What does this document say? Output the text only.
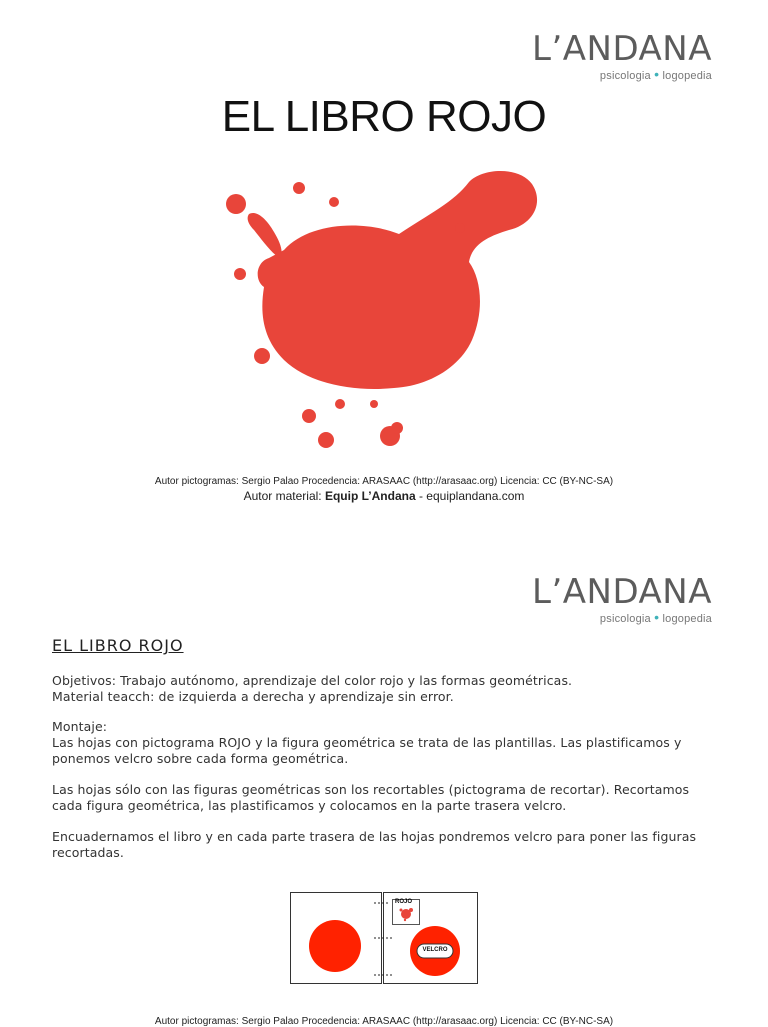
L’ANDANA
psicologia • logopedia
EL LIBRO ROJO
Autor pictogramas: Sergio Palao Procedencia: ARASAAC (http://arasaac.org) Licencia: CC (BY-NC-SA)
Autor material: Equip L’Andana - equiplandana.com
L’ANDANA
psicologia • logopedia
EL LIBRO ROJO

Objetivos: Trabajo autónomo, aprendizaje del color rojo y las formas geométricas.

Material teacch: de izquierda a derecha y aprendizaje sin error.

Montaje:

Las hojas con pictograma ROJO y la figura geométrica se trata de las plantillas. Las plastificamos y ponemos velcro sobre cada forma geométrica.

Las hojas sólo con las figuras geométricas son los recortables (pictograma de recortar). Recortamos cada figura geométrica, las plastificamos y colocamos en la parte trasera velcro.

Encuadernamos el libro y en cada parte trasera de las hojas pondremos velcro para poner las figuras recortadas.

ROJO
VELCRO
Autor pictogramas: Sergio Palao Procedencia: ARASAAC (http://arasaac.org) Licencia: CC (BY-NC-SA)
